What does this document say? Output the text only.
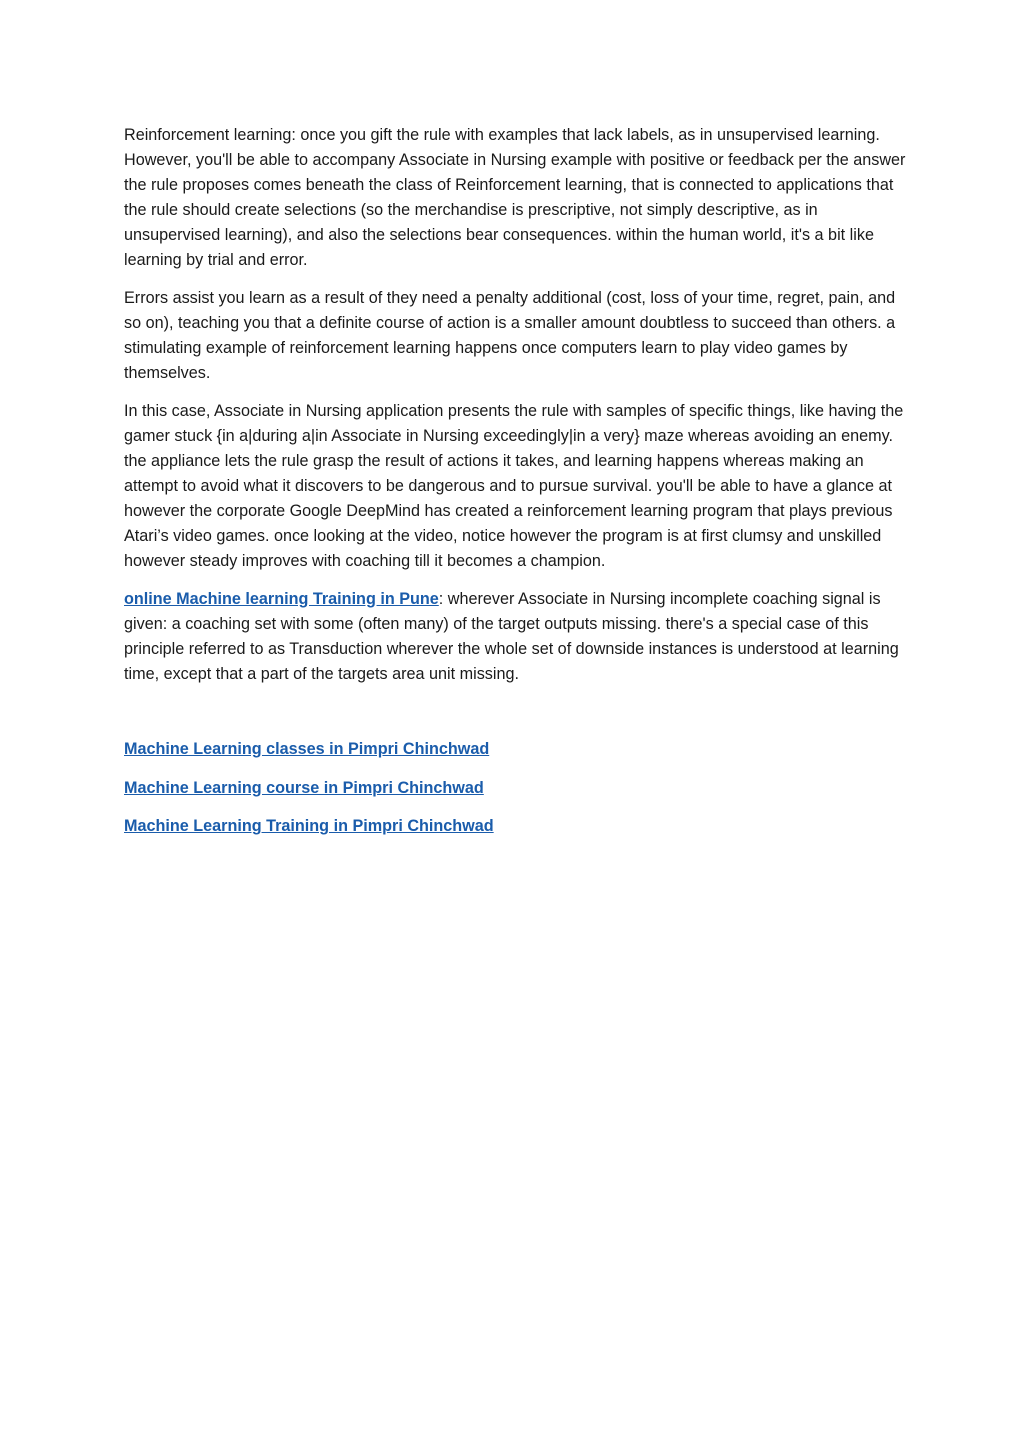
Reinforcement learning: once you gift the rule with examples that lack labels, as in unsupervised learning. However, you'll be able to accompany Associate in Nursing example with positive or feedback per the answer the rule proposes comes beneath the class of Reinforcement learning, that is connected to applications that the rule should create selections (so the merchandise is prescriptive, not simply descriptive, as in unsupervised learning), and also the selections bear consequences. within the human world, it's a bit like learning by trial and error.

Errors assist you learn as a result of they need a penalty additional (cost, loss of your time, regret, pain, and so on), teaching you that a definite course of action is a smaller amount doubtless to succeed than others. a stimulating example of reinforcement learning happens once computers learn to play video games by themselves.

In this case, Associate in Nursing application presents the rule with samples of specific things, like having the gamer stuck {in a|during a|in Associate in Nursing exceedingly|in a very} maze whereas avoiding an enemy. the appliance lets the rule grasp the result of actions it takes, and learning happens whereas making an attempt to avoid what it discovers to be dangerous and to pursue survival. you'll be able to have a glance at however the corporate Google DeepMind has created a reinforcement learning program that plays previous Atari’s video games. once looking at the video, notice however the program is at first clumsy and unskilled however steady improves with coaching till it becomes a champion.

online Machine learning Training in Pune: wherever Associate in Nursing incomplete coaching signal is given: a coaching set with some (often many) of the target outputs missing. there's a special case of this principle referred to as Transduction wherever the whole set of downside instances is understood at learning time, except that a part of the targets area unit missing.

Machine Learning classes in Pimpri Chinchwad

Machine Learning course in Pimpri Chinchwad

Machine Learning Training in Pimpri Chinchwad
